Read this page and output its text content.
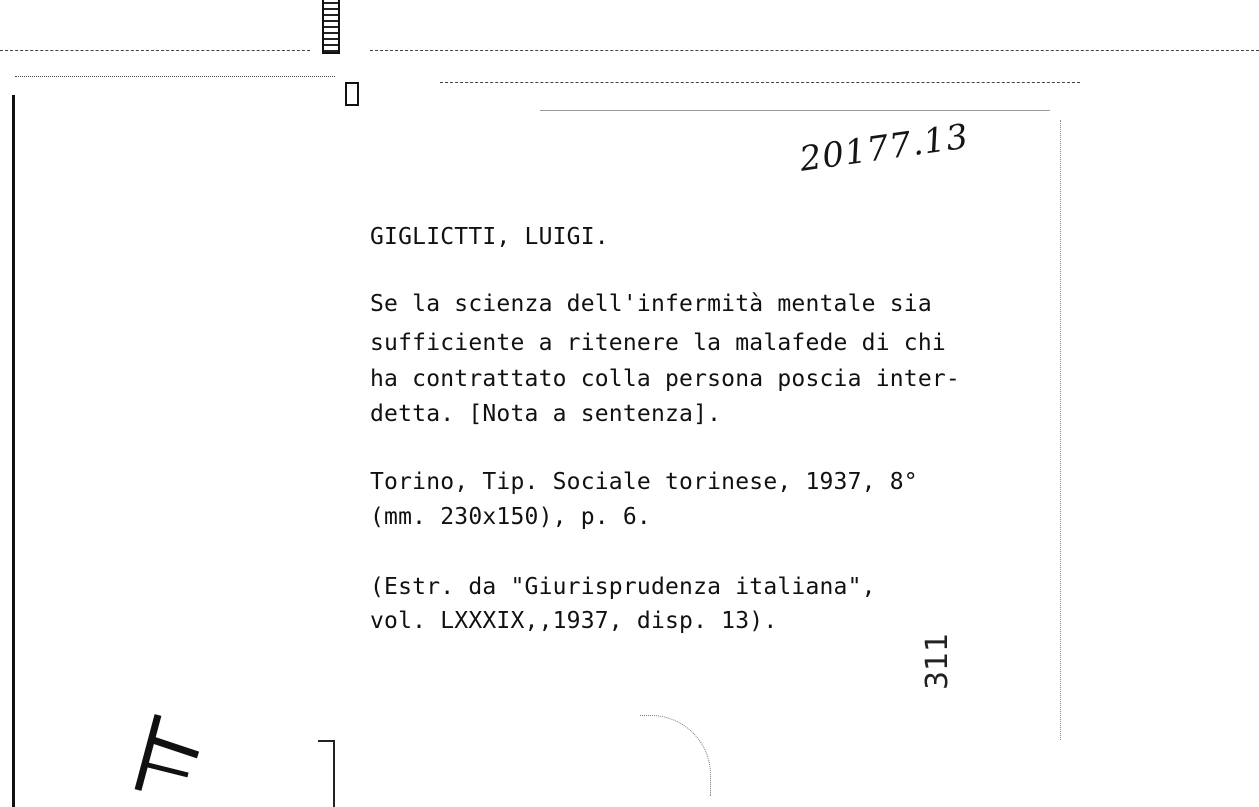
20177.13
GIGLICTTI, LUIGI.
Se la scienza dell'infermità mentale sia
sufficiente a ritenere la malafede di chi
ha contrattato colla persona poscia inter-
detta. [Nota a sentenza].
Torino, Tip. Sociale torinese, 1937, 8°
(mm. 230x150), p. 6.
(Estr. da "Giurisprudenza italiana",
vol. LXXXIX,,1937, disp. 13).
311
